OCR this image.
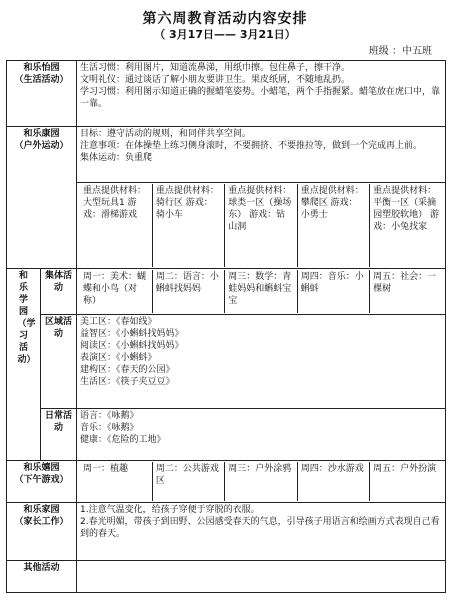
第六周教育活动内容安排
（ 3月17日—— 3月21日）
班级 ：中五班
和乐怡园
（生活活动）

生活习惯：利用图片，知道流鼻涕，用纸巾擦。包住鼻子，擦干净。
文明礼仪：通过谈话了解小朋友要讲卫生。果皮纸屑，不随地乱扔。
学习习惯：利用图示知道正确的握蜡笔姿势。小蜡笔，两个手指握紧。蜡笔放在虎口中，靠一靠。

和乐康园
（户外运动）

目标：遵守活动的规则，和同伴共享空间。
注意事项：在体操垫上练习侧身滚时，不要拥挤、不要推拉等，做到一个完成再上前。
集体运动：负重爬

重点提供材料：大型玩具1 游戏：滑梯游戏	重点提供材料：骑行区 游戏：骑小车	重点提供材料：球类一区（操场东） 游戏：钻山洞	重点提供材料：攀爬区 游戏：小勇士	重点提供材料：平衡一区（采摘园塑胶软地） 游戏：小兔找家

和乐学园（学习活动）	集体活动	
周一：美术：蝴蝶和小鸟（对称）	周二：语言：小蝌蚪找妈妈	周三：数学：青蛙妈妈和蝌蚪宝宝	周四：音乐：小蝌蚪	周五：社会：一棵树

区域活动	
美工区：《春如线》
益智区：《小蝌蚪找妈妈》
阅读区：《小蝌蚪找妈妈》
表演区：《小蝌蚪》
建构区：《春天的公园》
生活区：《筷子夹豆豆》

日常活动	
语言：《咏鹅》
音乐：《咏鹅》
健康：《危险的工地》

和乐嬉园
（下午游戏）

周一：植趣	周二：公共游戏区	周三：户外涂鸦	周四：沙水游戏	周五：户外扮演

和乐家园
（家长工作）

1.注意气温变化，给孩子穿便于穿脱的衣服。
2.春光明媚，带孩子到田野、公园感受春天的气息，引导孩子用语言和绘画方式表现自己看到的春天。

其他活动	
